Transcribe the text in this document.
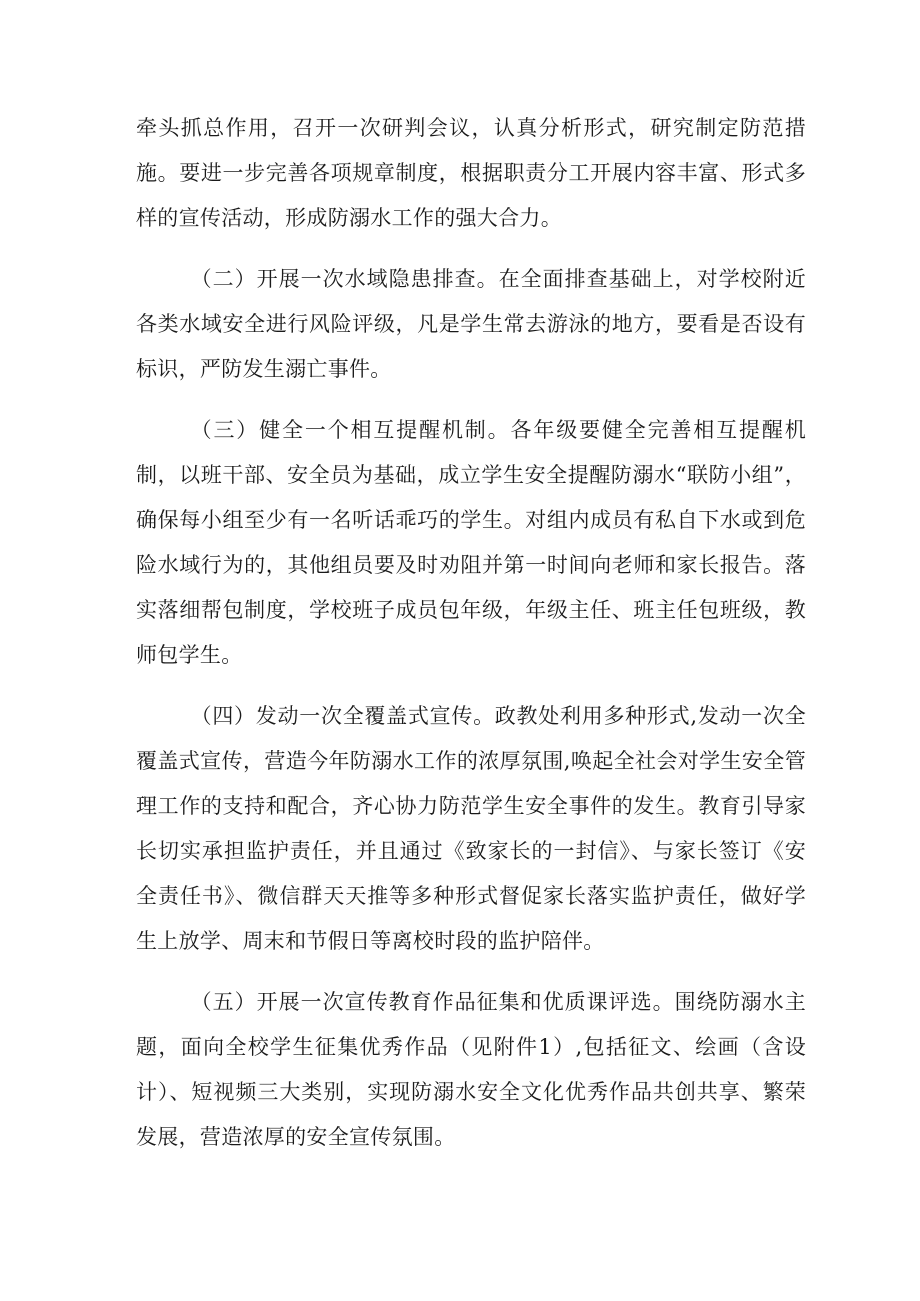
牵头抓总作用，召开一次研判会议，认真分析形式，研究制定防范措施。要进一步完善各项规章制度，根据职责分工开展内容丰富、形式多样的宣传活动，形成防溺水工作的强大合力。

（二）开展一次水域隐患排查。在全面排查基础上，对学校附近各类水域安全进行风险评级，凡是学生常去游泳的地方，要看是否设有标识，严防发生溺亡事件。

（三）健全一个相互提醒机制。各年级要健全完善相互提醒机制，以班干部、安全员为基础，成立学生安全提醒防溺水“联防小组”，确保每小组至少有一名听话乖巧的学生。对组内成员有私自下水或到危险水域行为的，其他组员要及时劝阻并第一时间向老师和家长报告。落实落细帮包制度，学校班子成员包年级，年级主任、班主任包班级，教师包学生。

（四）发动一次全覆盖式宣传。政教处利用多种形式,发动一次全覆盖式宣传，营造今年防溺水工作的浓厚氛围,唤起全社会对学生安全管理工作的支持和配合，齐心协力防范学生安全事件的发生。教育引导家长切实承担监护责任，并且通过《致家长的一封信》、与家长签订《安全责任书》、微信群天天推等多种形式督促家长落实监护责任，做好学生上放学、周末和节假日等离校时段的监护陪伴。

（五）开展一次宣传教育作品征集和优质课评选。围绕防溺水主题，面向全校学生征集优秀作品（见附件1）,包括征文、绘画（含设计）、短视频三大类别，实现防溺水安全文化优秀作品共创共享、繁荣发展，营造浓厚的安全宣传氛围。
